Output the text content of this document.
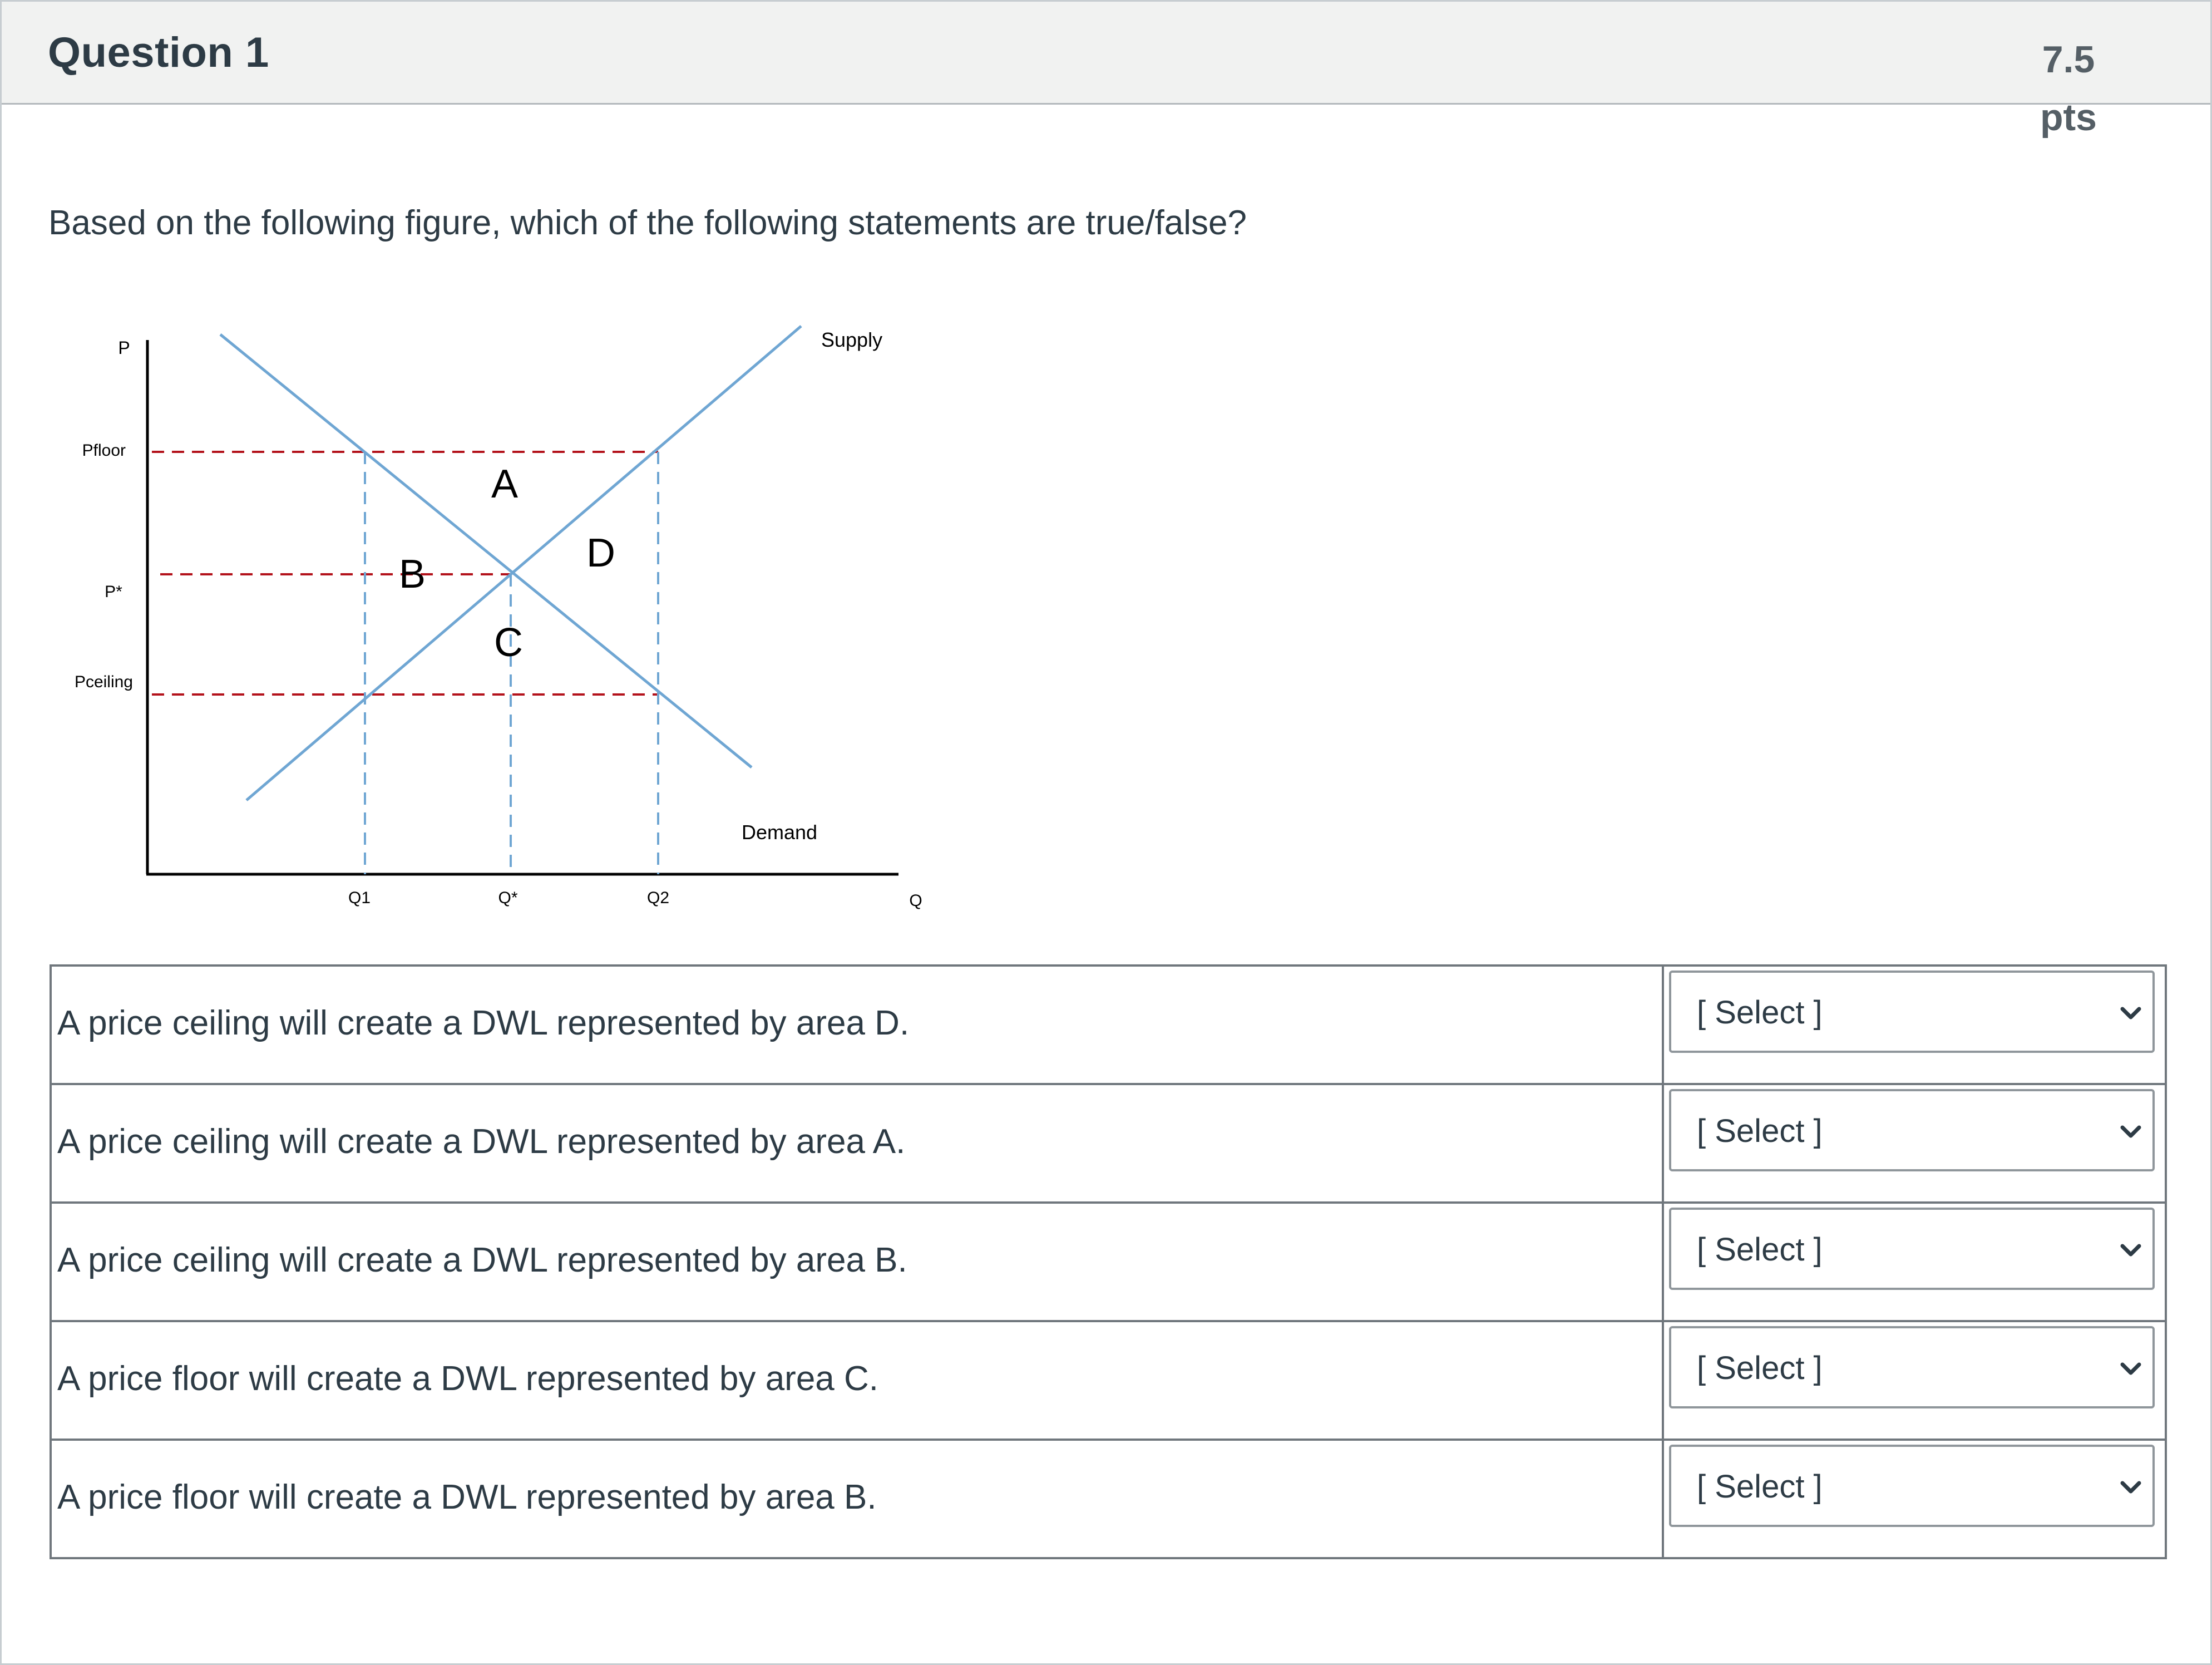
Question 1	7.5
pts
Based on the following figure, which of the following statements are true/false?
P
Pfloor
P*
Pceiling
Q1	Q*	Q2	Q
Supply
Demand
A
B
C
D
A price ceiling will create a DWL represented by area D.	[ Select ]

A price ceiling will create a DWL represented by area A.	[ Select ]

A price ceiling will create a DWL represented by area B.	[ Select ]

A price floor will create a DWL represented by area C.	[ Select ]

A price floor will create a DWL represented by area B.	[ Select ]
